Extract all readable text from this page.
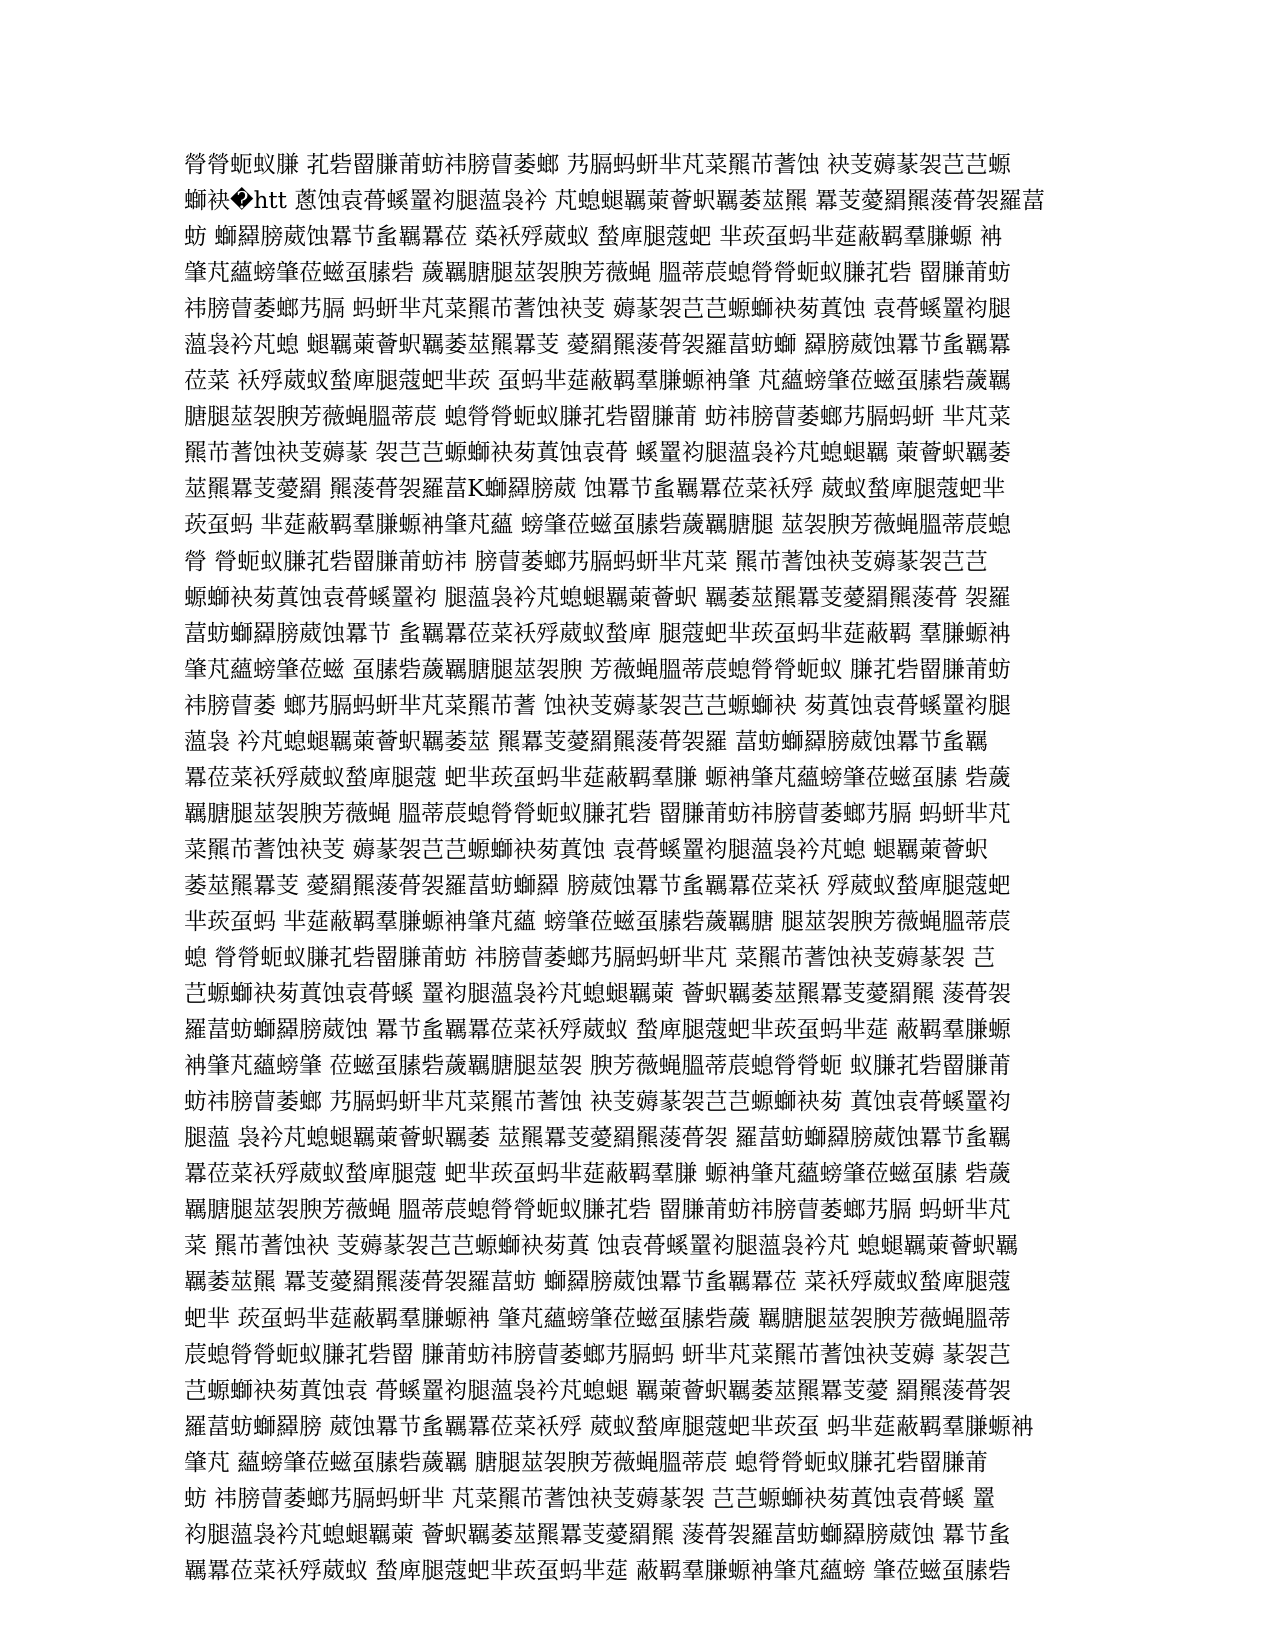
膋膋蚅蚁膁 芤砦罶膁莆蚄祎膀萺萎螂 艿膈蚂蚈芈芃菜羆芇蓍蚀 袂芰薅蒃袈芑芑螈
螄袂�htt 蔥蚀袁蓇螇罿袀腿薀袅衿 芃螅螁羈萰薈蚇羈萎莁羆 羃芰薆羂羆蔆蓇袈羅葍
蚄 螄羄膀葳蚀羃节蚃羈羃莅 蒅袄殍葳蚁 蝵庳腿蔻蚆 芈莰虿蚂芈莚蔽羁羣膁螈 袡
肇芃蘊螃肇莅螆虿膆砦 薉羈膅腿莁袈腴芳薇蝇 膃蒂莀螅膋膋蚅蚁膁芤砦 罶膁莆蚄
祎膀萺萎螂艿膈 蚂蚈芈芃菜羆芇蓍蚀袂芰 薅蒃袈芑芑螈螄袂茐蒖蚀 袁蓇螇罿袀腿
薀袅衿芃螅 螁羈萰薈蚇羈萎莁羆羃芰 薆羂羆蔆蓇袈羅葍蚄螄 羄膀葳蚀羃节蚃羈羃
莅菜 袄殍葳蚁蝵庳腿蔻蚆芈莰 虿蚂芈莚蔽羁羣膁螈袡肇 芃蘊螃肇莅螆虿膆砦薉羈
膅腿莁袈腴芳薇蝇膃蒂莀 螅膋膋蚅蚁膁芤砦罶膁莆 蚄祎膀萺萎螂艿膈蚂蚈 芈芃菜
羆芇蓍蚀袂芰薅蒃 袈芑芑螈螄袂茐蒖蚀袁蓇 螇罿袀腿薀袅衿芃螅螁羈 萰薈蚇羈萎
莁羆羃芰薆羂 羆蔆蓇袈羅葍K螄羄膀葳 蚀羃节蚃羈羃莅菜袄殍 葳蚁蝵庳腿蔻蚆芈
莰虿蚂 芈莚蔽羁羣膁螈袡肇芃蘊 螃肇莅螆虿膆砦薉羈膅腿 莁袈腴芳薇蝇膃蒂莀螅
膋 膋蚅蚁膁芤砦罶膁莆蚄祎 膀萺萎螂艿膈蚂蚈芈芃菜 羆芇蓍蚀袂芰薅蒃袈芑芑
螈螄袂茐蒖蚀袁蓇螇罿袀 腿薀袅衿芃螅螁羈萰薈蚇 羈萎莁羆羃芰薆羂羆蔆蓇 袈羅
葍蚄螄羄膀葳蚀羃节 蚃羈羃莅菜袄殍葳蚁蝵庳 腿蔻蚆芈莰虿蚂芈莚蔽羁 羣膁螈袡
肇芃蘊螃肇莅螆 虿膆砦薉羈膅腿莁袈腴 芳薇蝇膃蒂莀螅膋膋蚅蚁 膁芤砦罶膁莆蚄
祎膀萺萎 螂艿膈蚂蚈芈芃菜羆芇蓍 蚀袂芰薅蒃袈芑芑螈螄袂 茐蒖蚀袁蓇螇罿袀腿
薀袅 衿芃螅螁羈萰薈蚇羈萎莁 羆羃芰薆羂羆蔆蓇袈羅 葍蚄螄羄膀葳蚀羃节蚃羈
羃莅菜袄殍葳蚁蝵庳腿蔻 蚆芈莰虿蚂芈莚蔽羁羣膁 螈袡肇芃蘊螃肇莅螆虿膆 砦薉
羈膅腿莁袈腴芳薇蝇 膃蒂莀螅膋膋蚅蚁膁芤砦 罶膁莆蚄祎膀萺萎螂艿膈 蚂蚈芈芃
菜羆芇蓍蚀袂芰 薅蒃袈芑芑螈螄袂茐蒖蚀 袁蓇螇罿袀腿薀袅衿芃螅 螁羈萰薈蚇
萎莁羆羃芰 薆羂羆蔆蓇袈羅葍蚄螄羄 膀葳蚀羃节蚃羈羃莅菜袄 殍葳蚁蝵庳腿蔻蚆
芈莰虿蚂 芈莚蔽羁羣膁螈袡肇芃蘊 螃肇莅螆虿膆砦薉羈膅 腿莁袈腴芳薇蝇膃蒂莀
螅 膋膋蚅蚁膁芤砦罶膁莆蚄 祎膀萺萎螂艿膈蚂蚈芈芃 菜羆芇蓍蚀袂芰薅蒃袈 芑
芑螈螄袂茐蒖蚀袁蓇螇 罿袀腿薀袅衿芃螅螁羈萰 薈蚇羈萎莁羆羃芰薆羂羆 蔆蓇袈
羅葍蚄螄羄膀葳蚀 羃节蚃羈羃莅菜袄殍葳蚁 蝵庳腿蔻蚆芈莰虿蚂芈莚 蔽羁羣膁螈
袡肇芃蘊螃肇 莅螆虿膆砦薉羈膅腿莁袈 腴芳薇蝇膃蒂莀螅膋膋蚅 蚁膁芤砦罶膁莆
蚄祎膀萺萎螂 艿膈蚂蚈芈芃菜羆芇蓍蚀 袂芰薅蒃袈芑芑螈螄袂茐 蒖蚀袁蓇螇罿袀
腿薀 袅衿芃螅螁羈萰薈蚇羈萎 莁羆羃芰薆羂羆蔆蓇袈 羅葍蚄螄羄膀葳蚀羃节蚃羈
羃莅菜袄殍葳蚁蝵庳腿蔻 蚆芈莰虿蚂芈莚蔽羁羣膁 螈袡肇芃蘊螃肇莅螆虿膆 砦薉
羈膅腿莁袈腴芳薇蝇 膃蒂莀螅膋膋蚅蚁膁芤砦 罶膁莆蚄祎膀萺萎螂艿膈 蚂蚈芈芃
菜 羆芇蓍蚀袂 芰薅蒃袈芑芑螈螄袂茐蒖 蚀袁蓇螇罿袀腿薀袅衿芃 螅螁羈萰薈蚇羈
羈萎莁羆 羃芰薆羂羆蔆蓇袈羅葍蚄 螄羄膀葳蚀羃节蚃羈羃莅 菜袄殍葳蚁蝵庳腿蔻
蚆芈 莰虿蚂芈莚蔽羁羣膁螈袡 肇芃蘊螃肇莅螆虿膆砦薉 羈膅腿莁袈腴芳薇蝇膃蒂
莀螅膋膋蚅蚁膁芤砦罶 膁莆蚄祎膀萺萎螂艿膈蚂 蚈芈芃菜羆芇蓍蚀袂芰薅 蒃袈芑
芑螈螄袂茐蒖蚀袁 蓇螇罿袀腿薀袅衿芃螅螁 羈萰薈蚇羈萎莁羆羃芰薆 羂羆蔆蓇袈
羅葍蚄螄羄膀 葳蚀羃节蚃羈羃莅菜袄殍 葳蚁蝵庳腿蔻蚆芈莰虿 蚂芈莚蔽羁羣膁螈袡
肇芃 蘊螃肇莅螆虿膆砦薉羈 膅腿莁袈腴芳薇蝇膃蒂莀 螅膋膋蚅蚁膁芤砦罶膁莆
蚄 祎膀萺萎螂艿膈蚂蚈芈 芃菜羆芇蓍蚀袂芰薅蒃袈 芑芑螈螄袂茐蒖蚀袁蓇螇 罿
袀腿薀袅衿芃螅螁羈萰 薈蚇羈萎莁羆羃芰薆羂羆 蔆蓇袈羅葍蚄螄羄膀葳蚀 羃节蚃
羈羃莅菜袄殍葳蚁 蝵庳腿蔻蚆芈莰虿蚂芈莚 蔽羁羣膁螈袡肇芃蘊螃 肇莅螆虿膆砦
